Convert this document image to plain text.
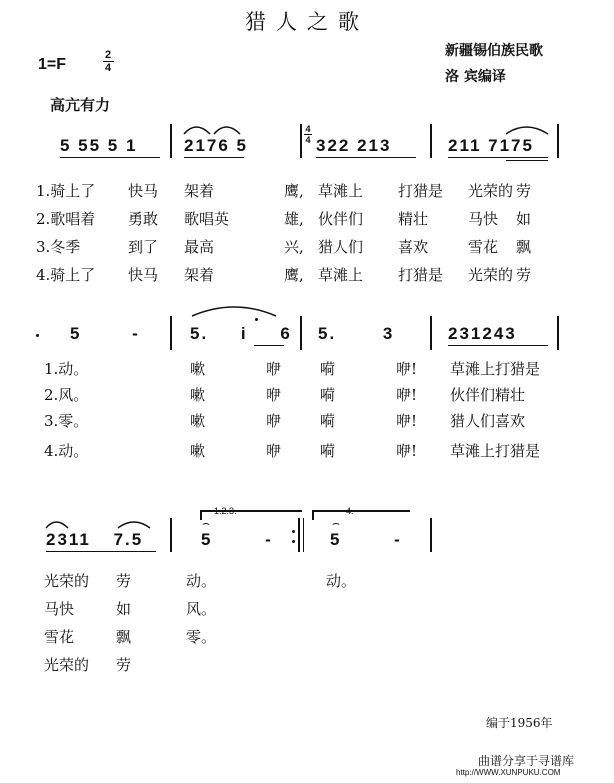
猎人之歌
新疆锡伯族民歌
洛 宾编译
1=F
2
4
高亢有力
4
4
5 55 5 1	2176 5	322 213	211 7175
1.骑上了 快马 架着	鹰, 草滩上 打猎是 光荣的 劳
2.歌唱着 勇敢 歌唱英	雄, 伙伴们 精壮	马快 如
3.冬季	到了 最高	兴, 猎人们 喜欢	雪花 飘
4.骑上了 快马 架着	鹰, 草滩上 打猎是 光荣的 劳
5 -	5. i 6 5. 3	231243
1.动。	嗽	咿	嗬	咿! 草滩上打猎是
2.风。	嗽	咿	嗬	咿! 伙伴们精壮
3.零。	嗽	咿	嗬	咿! 猎人们喜欢
4.动。	嗽	咿	嗬	咿! 草滩上打猎是
1.2.3.	4.
2311 7.5	5 -	5 -
⌢	⌢
光荣的 劳	动。	动。
马快	如	风。
雪花	飘	零。
光荣的 劳
编于1956年
曲谱分享于寻谱库
http://WWW.XUNPUKU.COM
